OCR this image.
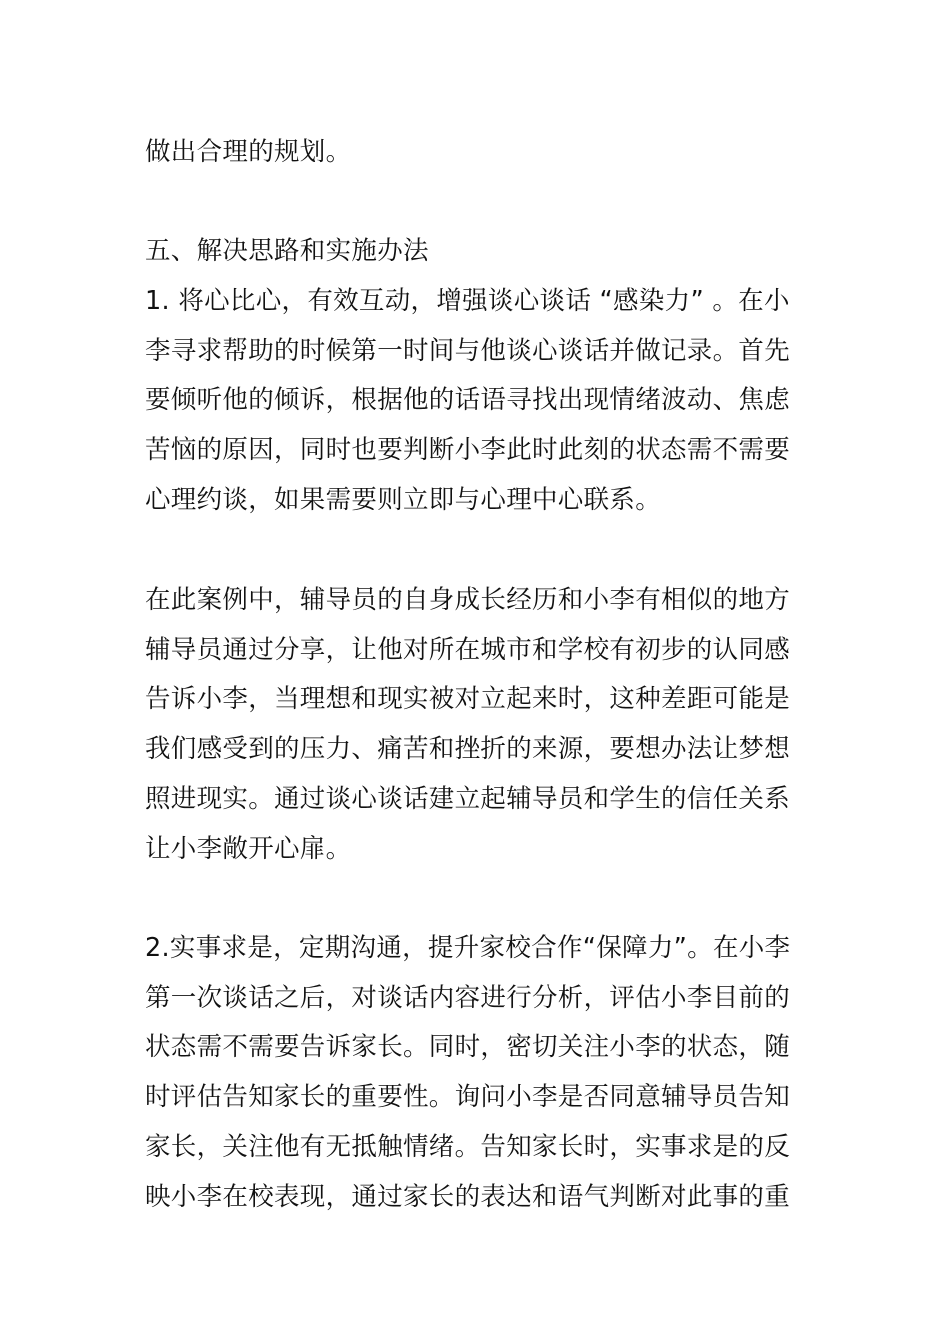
做出合理的规划。
五、解决思路和实施办法
1. 将心比心，有效互动，增强谈心谈话 “感染力” 。在小
李寻求帮助的时候第一时间与他谈心谈话并做记录。首先
要倾听他的倾诉，根据他的话语寻找出现情绪波动、焦虑
苦恼的原因，同时也要判断小李此时此刻的状态需不需要
心理约谈，如果需要则立即与心理中心联系。
在此案例中，辅导员的自身成长经历和小李有相似的地方
辅导员通过分享，让他对所在城市和学校有初步的认同感
告诉小李，当理想和现实被对立起来时，这种差距可能是
我们感受到的压力、痛苦和挫折的来源，要想办法让梦想
照进现实。通过谈心谈话建立起辅导员和学生的信任关系
让小李敞开心扉。
2.实事求是，定期沟通，提升家校合作“保障力”。在小李
第一次谈话之后，对谈话内容进行分析，评估小李目前的
状态需不需要告诉家长。同时，密切关注小李的状态，随
时评估告知家长的重要性。询问小李是否同意辅导员告知
家长，关注他有无抵触情绪。告知家长时，实事求是的反
映小李在校表现，通过家长的表达和语气判断对此事的重
